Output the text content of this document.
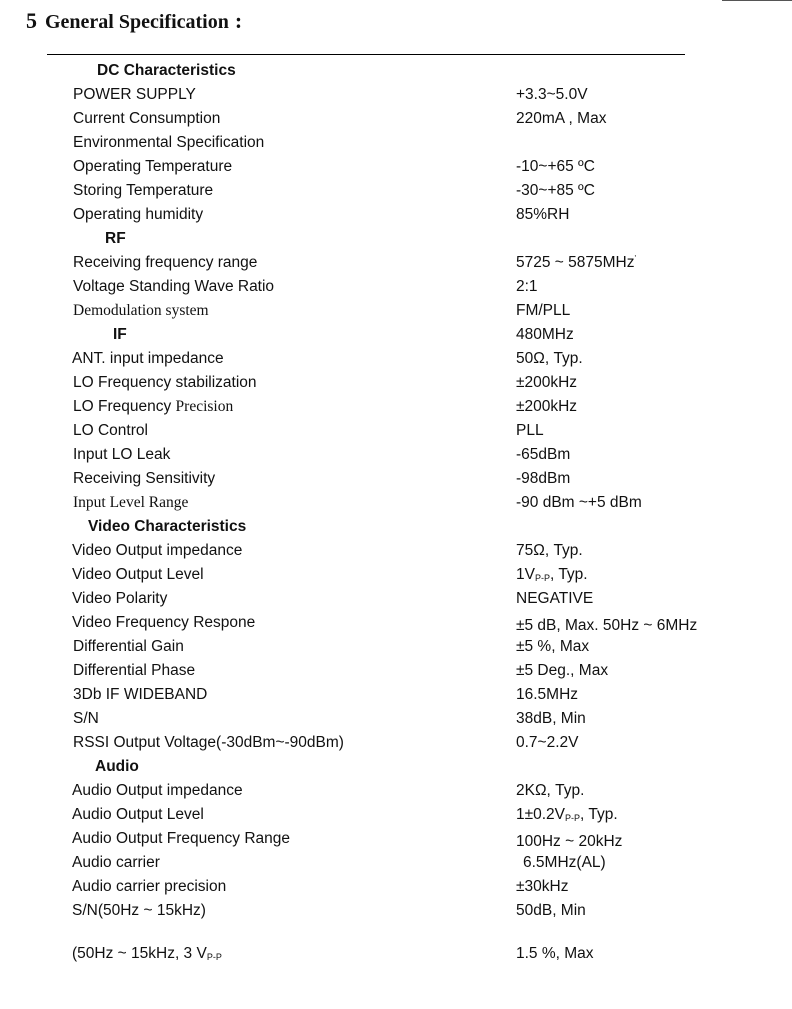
5 General Specification :
DC Characteristics
POWER SUPPLY	+3.3~5.0V
Current Consumption	220mA , Max
Environmental Specification
Operating Temperature	-10~+65 ºC
Storing Temperature	-30~+85 ºC
Operating humidity	85%RH
RF
Receiving frequency range	5725 ~ 5875MHz'
Voltage Standing Wave Ratio	2:1
Demodulation system	FM/PLL
IF	480MHz
ANT. input impedance	50Ω, Typ.
LO Frequency stabilization	±200kHz
LO Frequency Precision	±200kHz
LO Control	PLL
Input LO Leak	-65dBm
Receiving Sensitivity	-98dBm
Input Level Range	-90 dBm ~+5 dBm
Video Characteristics
Video Output impedance	75Ω, Typ.
Video Output Level	$1V_{P-P}$, Typ.
Video Polarity	NEGATIVE
Video Frequency Respone	±5 dB, Max. 50Hz ~ 6MHz
Differential Gain	±5 %, Max
Differential Phase	±5 Deg., Max
3Db IF WIDEBAND	16.5MHz
S/N	38dB, Min
RSSI Output Voltage(-30dBm~-90dBm)	0.7~2.2V
Audio
Audio Output impedance	2KΩ, Typ.
Audio Output Level	$1\pm 0.2V_{P-P}$, Typ.
Audio Output Frequency Range	100Hz ~ 20kHz
Audio carrier	6.5MHz(AL)
Audio carrier precision	±30kHz
S/N(50Hz ~ 15kHz)	50dB, Min
(50Hz ~ 15kHz, 3 $V_{P-P}$	1.5 %, Max
